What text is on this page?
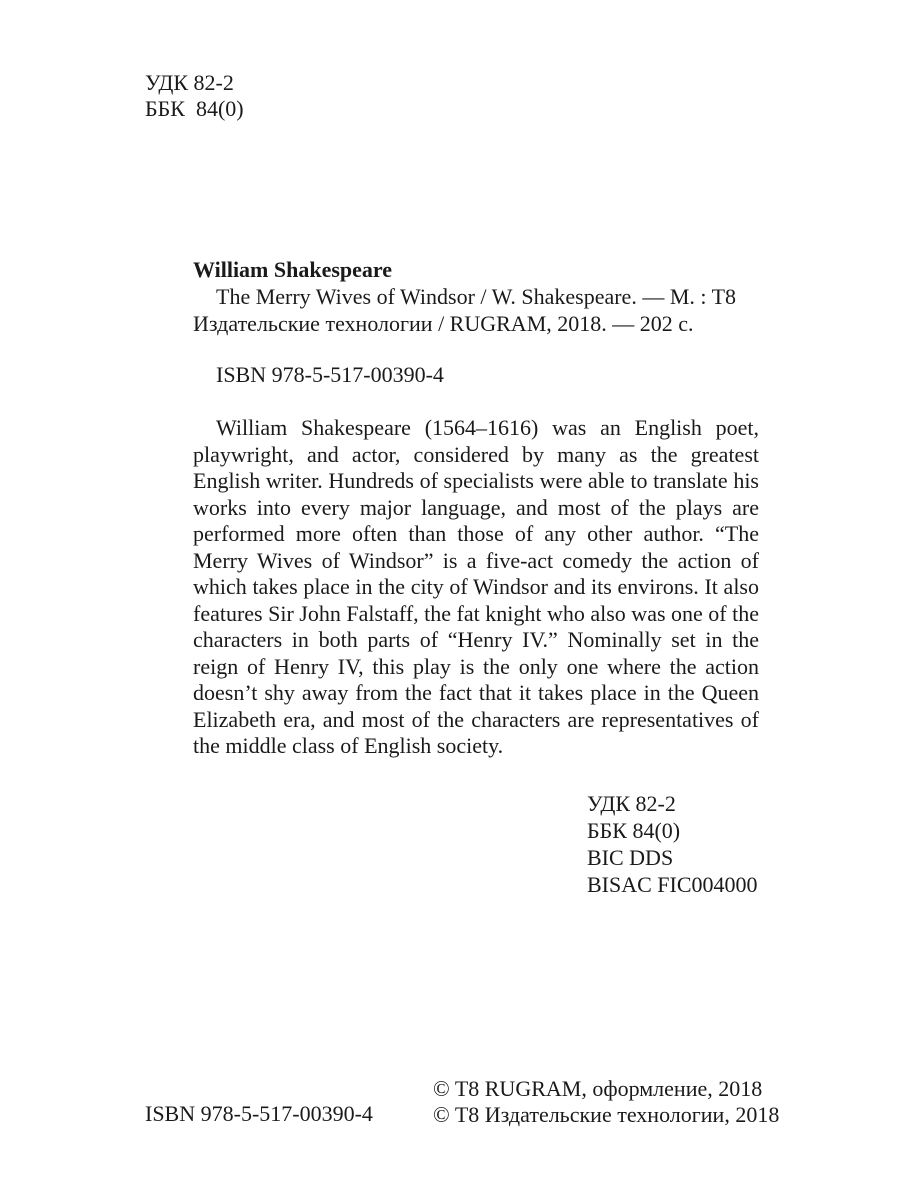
УДК 82-2

ББК  84(0)

William Shakespeare

The Merry Wives of Windsor / W. Shakespeare. — M. : T8 Издательские технологии / RUGRAM, 2018. — 202 с.

ISBN 978-5-517-00390-4

William Shakespeare (1564–1616) was an English poet, playwright, and actor, considered by many as the greatest English writer. Hundreds of specialists were able to translate his works into every major language, and most of the plays are performed more often than those of any other author. “The Merry Wives of Windsor” is a five-act comedy the action of which takes place in the city of Windsor and its environs. It also features Sir John Falstaff, the fat knight who also was one of the characters in both parts of “Henry IV.” Nominally set in the reign of Henry IV, this play is the only one where the action doesn’t shy away from the fact that it takes place in the Queen Elizabeth era, and most of the characters are representatives of the middle class of English society.

УДК 82-2

ББК 84(0)

BIC DDS

BISAC FIC004000

ISBN 978-5-517-00390-4

© T8 RUGRAM, оформление, 2018

© T8 Издательские технологии, 2018
